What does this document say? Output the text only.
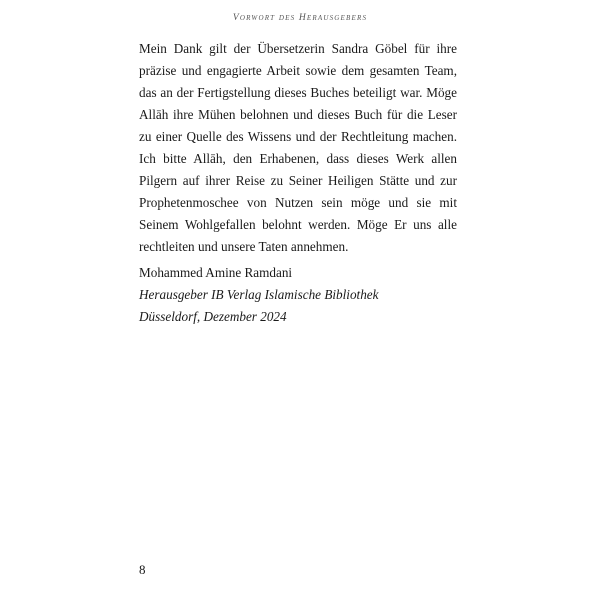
Vorwort des Herausgebers

Mein Dank gilt der Übersetzerin Sandra Göbel für ihre präzise und engagierte Arbeit sowie dem gesamten Team, das an der Fertigstellung dieses Buches beteiligt war. Möge Allāh ihre Mühen belohnen und dieses Buch für die Leser zu einer Quelle des Wissens und der Rechtleitung machen. Ich bitte Allāh, den Erhabenen, dass dieses Werk allen Pilgern auf ihrer Reise zu Seiner Heiligen Stätte und zur Prophetenmoschee von Nutzen sein möge und sie mit Seinem Wohlgefallen belohnt werden. Möge Er uns alle rechtleiten und unsere Taten annehmen.

Mohammed Amine Ramdani
Herausgeber IB Verlag Islamische Bibliothek
Düsseldorf, Dezember 2024
8
